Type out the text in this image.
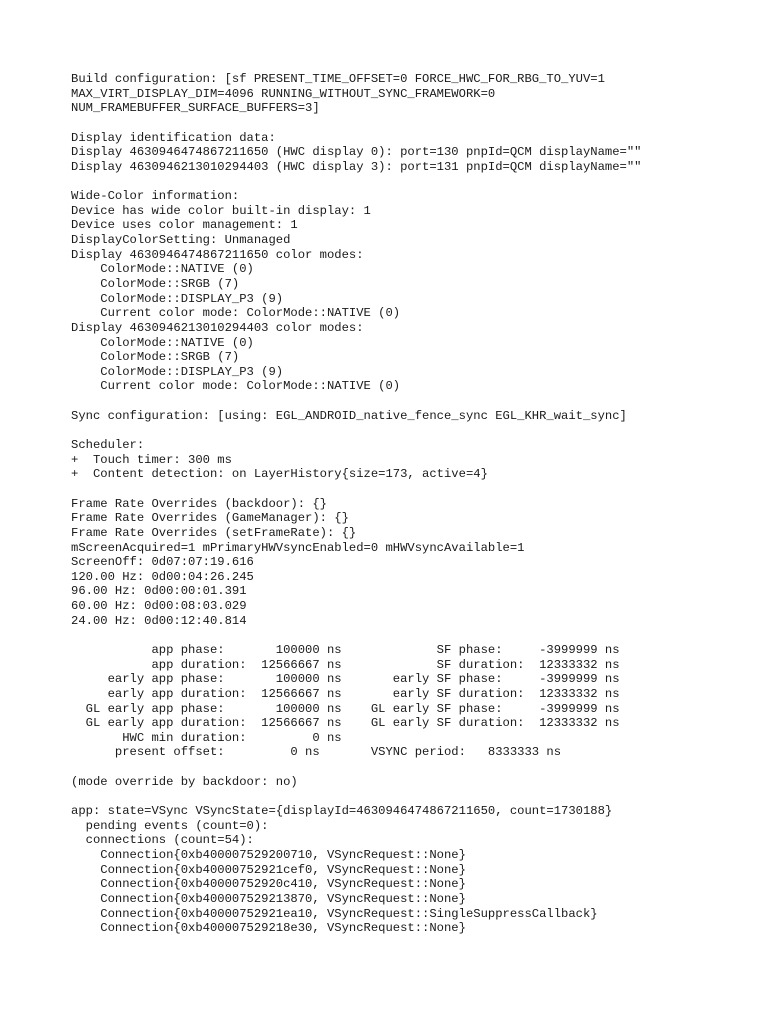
Build configuration: [sf PRESENT_TIME_OFFSET=0 FORCE_HWC_FOR_RBG_TO_YUV=1
MAX_VIRT_DISPLAY_DIM=4096 RUNNING_WITHOUT_SYNC_FRAMEWORK=0
NUM_FRAMEBUFFER_SURFACE_BUFFERS=3]
Display identification data:
Display 4630946474867211650 (HWC display 0): port=130 pnpId=QCM displayName=""
Display 4630946213010294403 (HWC display 3): port=131 pnpId=QCM displayName=""
Wide-Color information:
Device has wide color built-in display: 1
Device uses color management: 1
DisplayColorSetting: Unmanaged
Display 4630946474867211650 color modes:
ColorMode::NATIVE (0)
ColorMode::SRGB (7)
ColorMode::DISPLAY_P3 (9)
Current color mode: ColorMode::NATIVE (0)
Display 4630946213010294403 color modes:
ColorMode::NATIVE (0)
ColorMode::SRGB (7)
ColorMode::DISPLAY_P3 (9)
Current color mode: ColorMode::NATIVE (0)
Sync configuration: [using: EGL_ANDROID_native_fence_sync EGL_KHR_wait_sync]
Scheduler:
+  Touch timer: 300 ms
+  Content detection: on LayerHistory{size=173, active=4}
Frame Rate Overrides (backdoor): {}
Frame Rate Overrides (GameManager): {}
Frame Rate Overrides (setFrameRate): {}
mScreenAcquired=1 mPrimaryHWVsyncEnabled=0 mHWVsyncAvailable=1
ScreenOff: 0d07:07:19.616
120.00 Hz: 0d00:04:26.245
96.00 Hz: 0d00:00:01.391
60.00 Hz: 0d00:08:03.029
24.00 Hz: 0d00:12:40.814
app phase:       100000 ns             SF phase:     -3999999 ns
app duration:  12566667 ns             SF duration:  12333332 ns
early app phase:       100000 ns       early SF phase:     -3999999 ns
early app duration:  12566667 ns       early SF duration:  12333332 ns
GL early app phase:       100000 ns    GL early SF phase:     -3999999 ns
GL early app duration:  12566667 ns    GL early SF duration:  12333332 ns
HWC min duration:         0 ns
present offset:         0 ns       VSYNC period:   8333333 ns
(mode override by backdoor: no)
app: state=VSync VSyncState={displayId=4630946474867211650, count=1730188}
pending events (count=0):
connections (count=54):
Connection{0xb400007529200710, VSyncRequest::None}
Connection{0xb40000752921cef0, VSyncRequest::None}
Connection{0xb40000752920c410, VSyncRequest::None}
Connection{0xb400007529213870, VSyncRequest::None}
Connection{0xb40000752921ea10, VSyncRequest::SingleSuppressCallback}
Connection{0xb400007529218e30, VSyncRequest::None}
